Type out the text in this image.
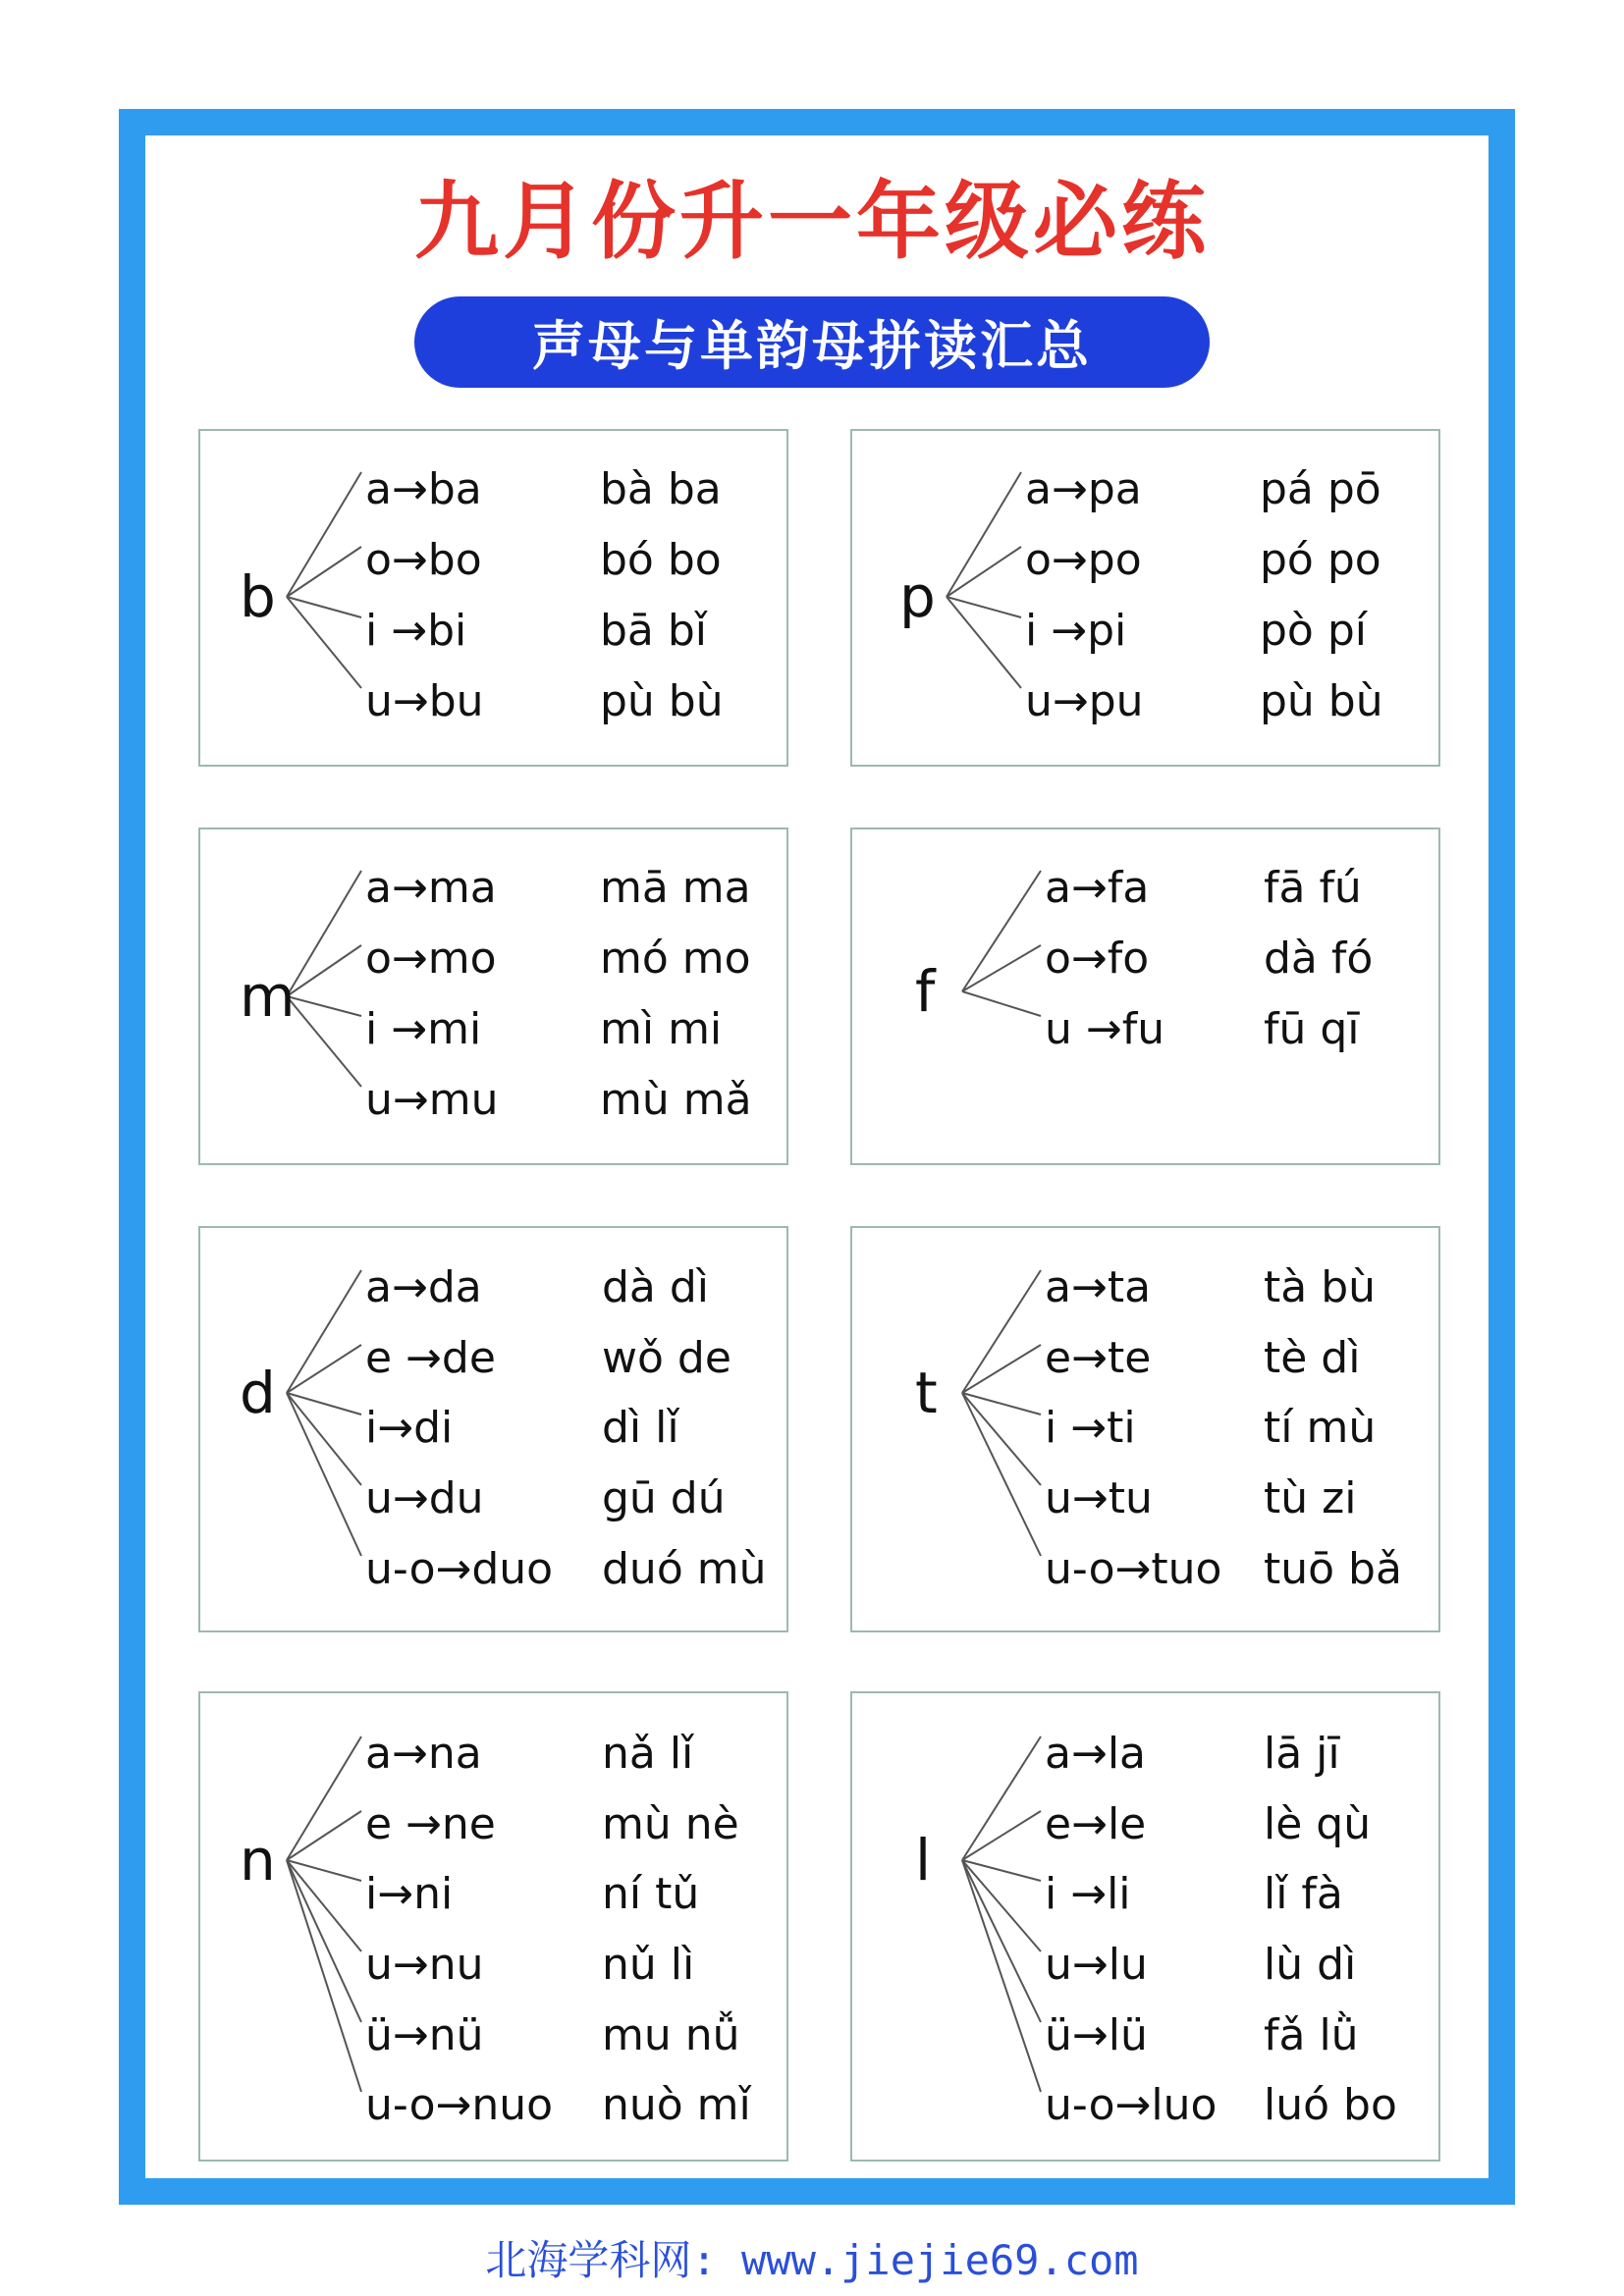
九月份升一年级必练
声母与单韵母拼读汇总
b
a→ba	bà ba
o→bo	bó bo
i →bi	bā bǐ
u→bu	pù bù
p
a→pa	pá pō
o→po	pó po
i →pi	pò pí
u→pu	pù bù
m
a→ma mā ma
o→mo mó mo
i →mi	mì mi
u→mu mù mǎ
f
a→fa	fā fú
o→fo	dà fó
u →fu fū qī
d
a→da	dà dì
e →de wǒ de
i→di	dì lǐ
u→du	gū dú
u-o→duo duó mù
t
a→ta	tà bù
e→te	tè dì
i →ti	tí mù
u→tu	tù zi
u-o→tuo tuō bǎ
n
a→na	nǎ lǐ
e →ne mù nè
i→ni	ní tǔ
u→nu	nǔ lì
ü→nü	mu nǚ
u-o→nuo nuò mǐ
l
a→la	lā jī
e→le	lè qù
i →li	lǐ fà
u→lu	lù dì
ü→lü	fǎ lǜ
u-o→luo luó bo
北海学科网: www.jiejie69.com
